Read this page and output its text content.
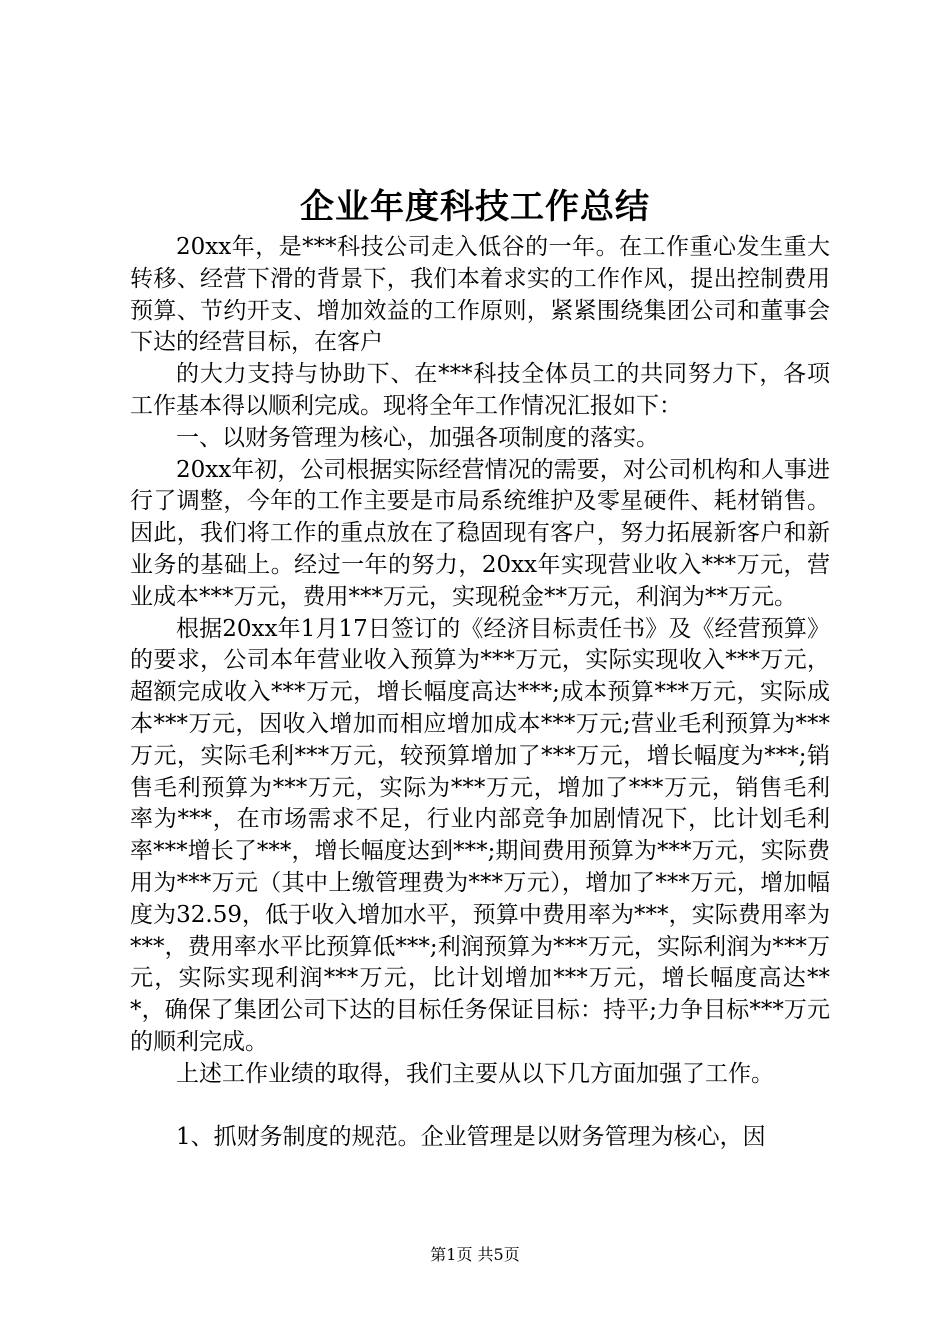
企业年度科技工作总结

20xx年，是***科技公司走入低谷的一年。在工作重心发生重大转移、经营下滑的背景下，我们本着求实的工作作风，提出控制费用预算、节约开支、增加效益的工作原则，紧紧围绕集团公司和董事会下达的经营目标，在客户

的大力支持与协助下、在***科技全体员工的共同努力下，各项工作基本得以顺利完成。现将全年工作情况汇报如下：

一、以财务管理为核心，加强各项制度的落实。

20xx年初，公司根据实际经营情况的需要，对公司机构和人事进行了调整，今年的工作主要是市局系统维护及零星硬件、耗材销售。因此，我们将工作的重点放在了稳固现有客户，努力拓展新客户和新业务的基础上。经过一年的努力，20xx年实现营业收入***万元，营业成本***万元，费用***万元，实现税金**万元，利润为**万元。

根据20xx年1月17日签订的《经济目标责任书》及《经营预算》的要求，公司本年营业收入预算为***万元，实际实现收入***万元，超额完成收入***万元，增长幅度高达***;成本预算***万元，实际成本***万元，因收入增加而相应增加成本***万元;营业毛利预算为***万元，实际毛利***万元，较预算增加了***万元，增长幅度为***;销售毛利预算为***万元，实际为***万元，增加了***万元，销售毛利率为***，在市场需求不足，行业内部竞争加剧情况下，比计划毛利率***增长了***，增长幅度达到***;期间费用预算为***万元，实际费用为***万元（其中上缴管理费为***万元），增加了***万元，增加幅度为32.59，低于收入增加水平，预算中费用率为***，实际费用率为***，费用率水平比预算低***;利润预算为***万元，实际利润为***万元，实际实现利润***万元，比计划增加***万元，增长幅度高达***，确保了集团公司下达的目标任务保证目标：持平;力争目标***万元的顺利完成。

上述工作业绩的取得，我们主要从以下几方面加强了工作。

1、抓财务制度的规范。企业管理是以财务管理为核心，因

第1页 共5页
